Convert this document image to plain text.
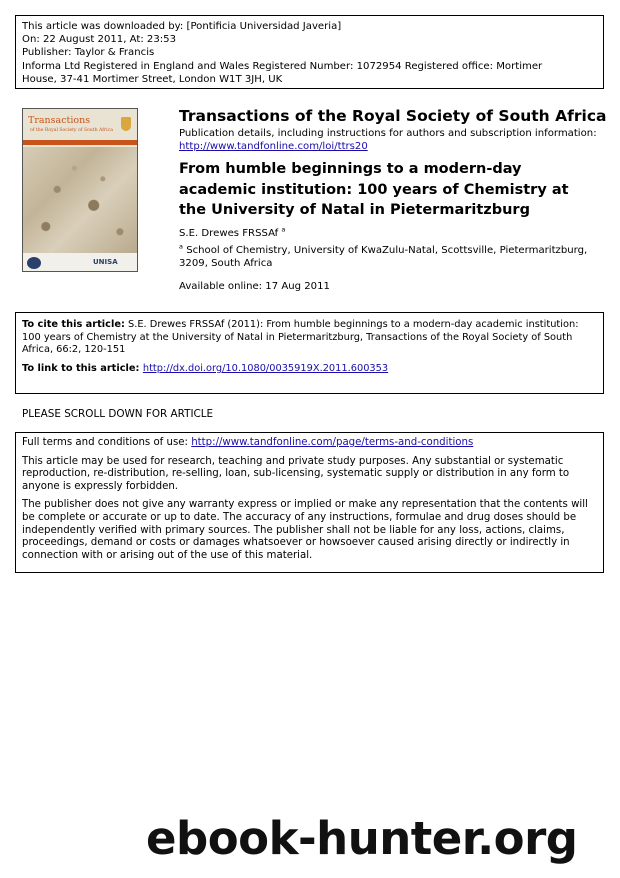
This article was downloaded by: [Pontificia Universidad Javeria]
On: 22 August 2011, At: 23:53
Publisher: Taylor & Francis
Informa Ltd Registered in England and Wales Registered Number: 1072954 Registered office: Mortimer
House, 37-41 Mortimer Street, London W1T 3JH, UK
Transactions
of the Royal Society of South Africa
UNISA
Transactions of the Royal Society of South Africa
Publication details, including instructions for authors and subscription information:
http://www.tandfonline.com/loi/ttrs20
From humble beginnings to a modern-day academic institution: 100 years of Chemistry at the University of Natal in Pietermaritzburg
S.E. Drewes FRSSAf $^a$
$^a$ School of Chemistry, University of KwaZulu-Natal, Scottsville, Pietermaritzburg, 3209, South Africa
Available online: 17 Aug 2011
To cite this article: S.E. Drewes FRSSAf (2011): From humble beginnings to a modern-day academic institution: 100 years of Chemistry at the University of Natal in Pietermaritzburg, Transactions of the Royal Society of South Africa, 66:2, 120-151
To link to this article: http://dx.doi.org/10.1080/0035919X.2011.600353
PLEASE SCROLL DOWN FOR ARTICLE

Full terms and conditions of use: http://www.tandfonline.com/page/terms-and-conditions

This article may be used for research, teaching and private study purposes. Any substantial or systematic reproduction, re-distribution, re-selling, loan, sub-licensing, systematic supply or distribution in any form to anyone is expressly forbidden.

The publisher does not give any warranty express or implied or make any representation that the contents will be complete or accurate or up to date. The accuracy of any instructions, formulae and drug doses should be independently verified with primary sources. The publisher shall not be liable for any loss, actions, claims, proceedings, demand or costs or damages whatsoever or howsoever caused arising directly or indirectly in connection with or arising out of the use of this material.

ebook-hunter.org
